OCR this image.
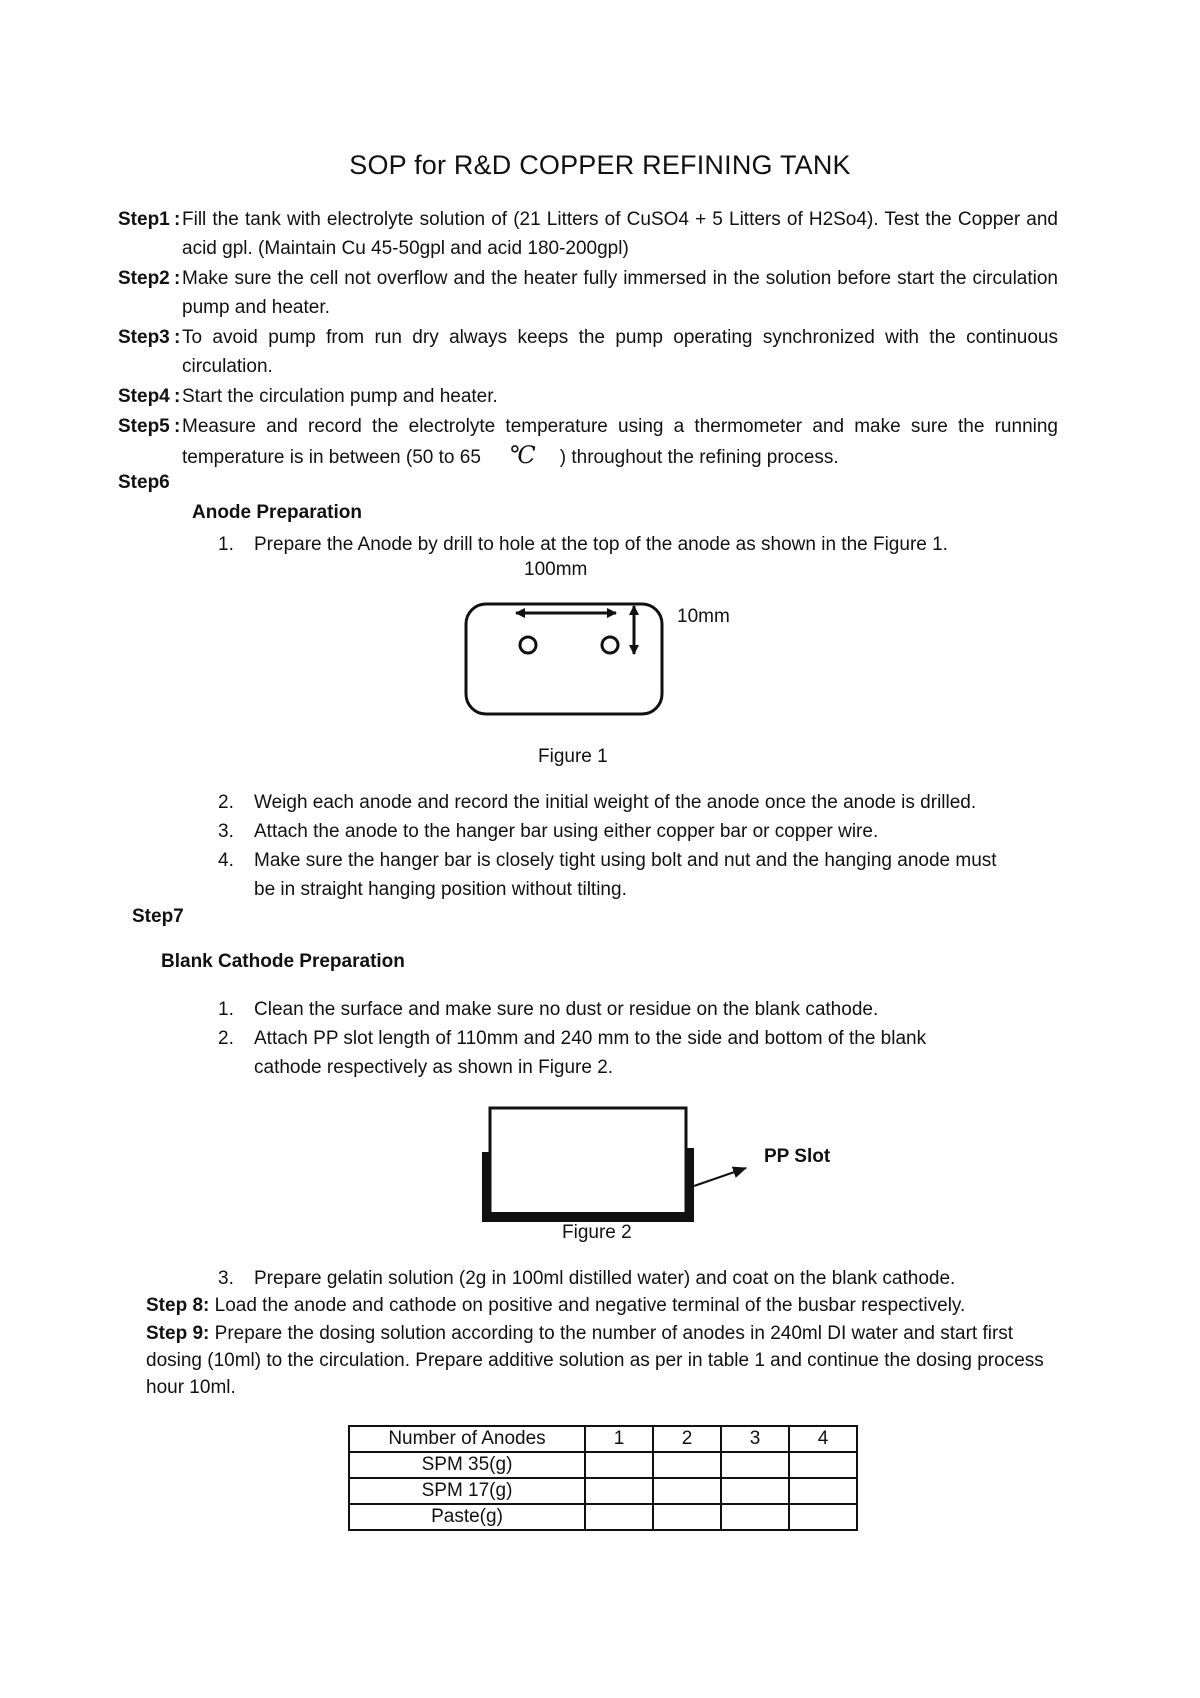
SOP for R&D COPPER REFINING TANK
Step1 : Fill the tank with electrolyte solution of (21 Litters of CuSO4 + 5 Litters of H2So4). Test the Copper and acid gpl. (Maintain Cu 45-50gpl and acid 180-200gpl)
Step2 : Make sure the cell not overflow and the heater fully immersed in the solution before start the circulation pump and heater.
Step3 : To avoid pump from run dry always keeps the pump operating synchronized with the continuous circulation.
Step4 : Start the circulation pump and heater.
Step5 : Measure and record the electrolyte temperature using a thermometer and make sure the running temperature is in between (50 to 65 ℃ ) throughout the refining process.
Step6
Anode Preparation
1. Prepare the Anode by drill to hole at the top of the anode as shown in the Figure 1.
100mm
10mm
Figure 1
2. Weigh each anode and record the initial weight of the anode once the anode is drilled.
3. Attach the anode to the hanger bar using either copper bar or copper wire.
4. Make sure the hanger bar is closely tight using bolt and nut and the hanging anode must
be in straight hanging position without tilting.
Step7
Blank Cathode Preparation
1. Clean the surface and make sure no dust or residue on the blank cathode.
2. Attach PP slot length of 110mm and 240 mm to the side and bottom of the blank
cathode respectively as shown in Figure 2.
PP Slot
Figure 2
3. Prepare gelatin solution (2g in 100ml distilled water) and coat on the blank cathode.
Step 8: Load the anode and cathode on positive and negative terminal of the busbar respectively.
Step 9: Prepare the dosing solution according to the number of anodes in 240ml DI water and start first dosing (10ml) to the circulation. Prepare additive solution as per in table 1 and continue the dosing process hour 10ml.
Number of Anodes	1	2	3	4
SPM 35(g)				
SPM 17(g)				
Paste(g)				
